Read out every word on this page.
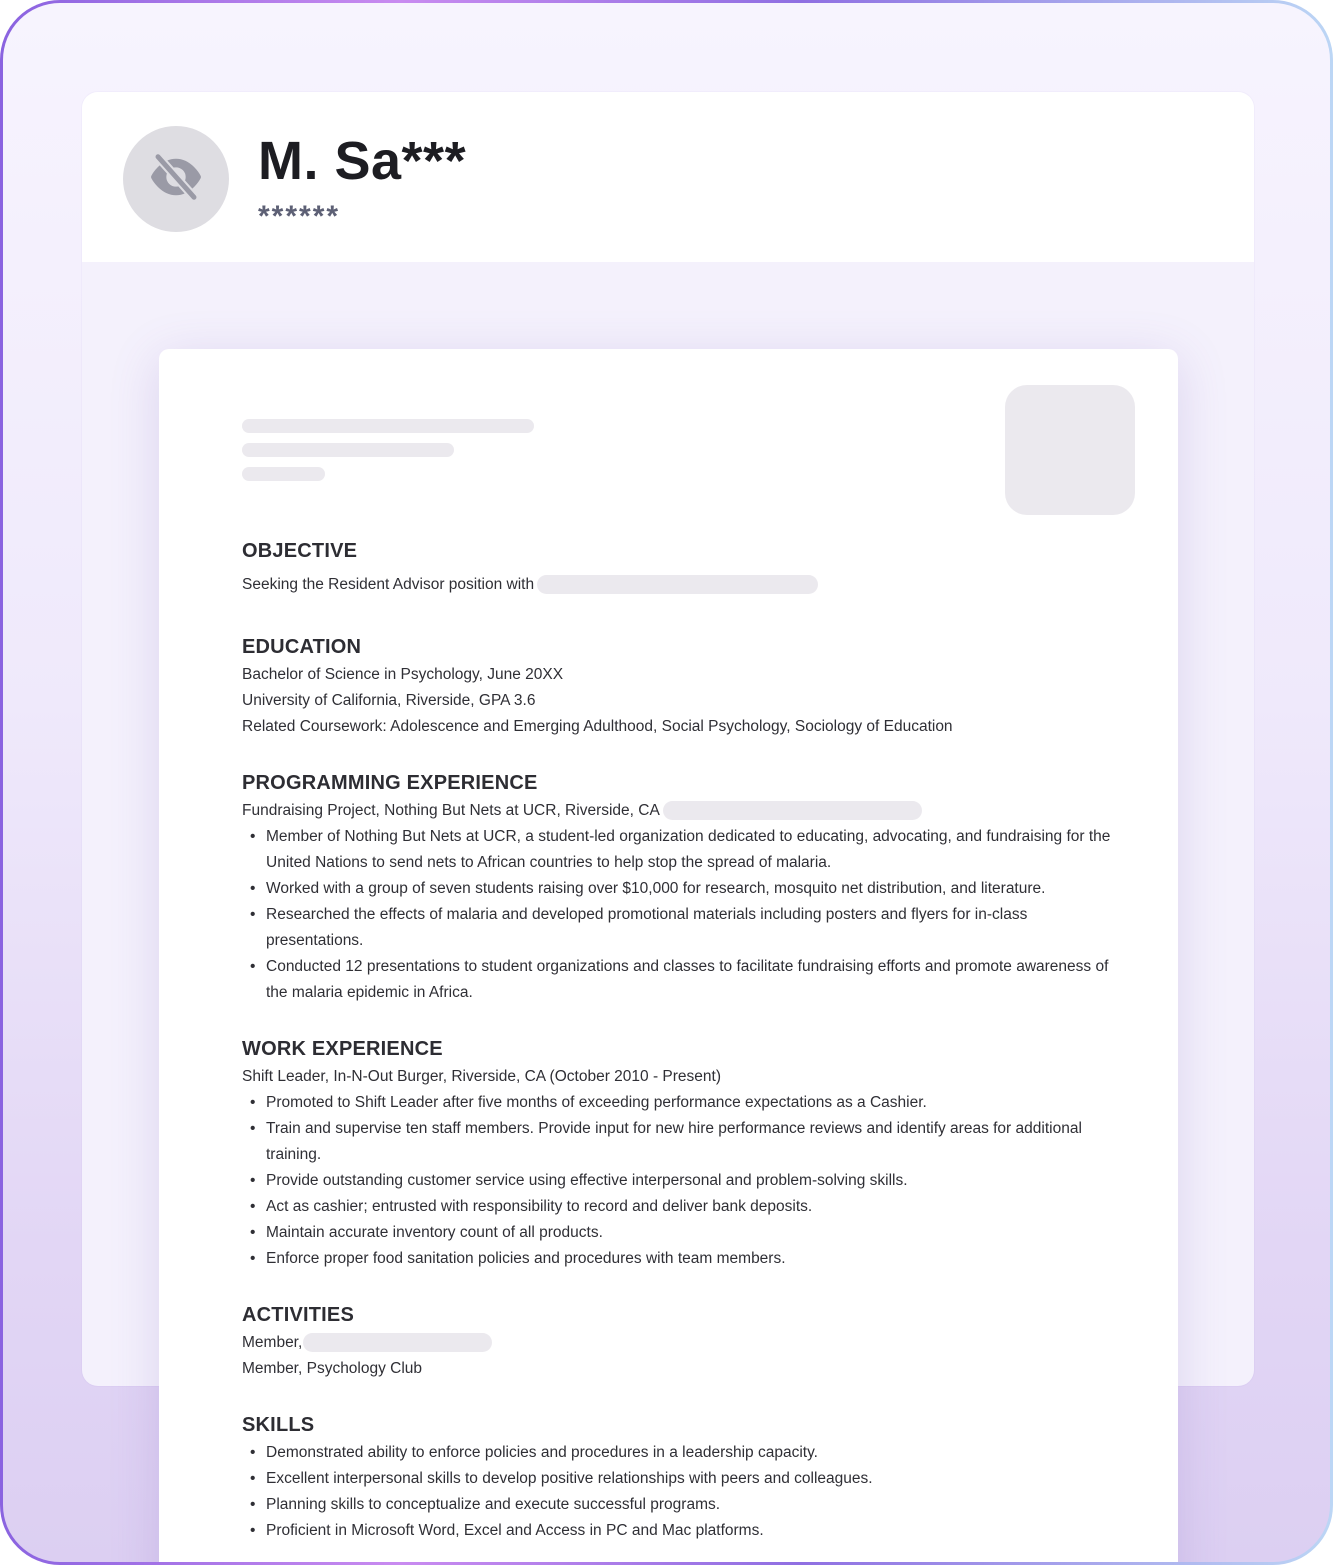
M. Sa***
******
OBJECTIVE
Seeking the Resident Advisor position with
EDUCATION
Bachelor of Science in Psychology, June 20XX
University of California, Riverside, GPA 3.6
Related Coursework: Adolescence and Emerging Adulthood, Social Psychology, Sociology of Education
PROGRAMMING EXPERIENCE
Fundraising Project, Nothing But Nets at UCR, Riverside, CA
• Member of Nothing But Nets at UCR, a student-led organization dedicated to educating, advocating, and fundraising for the United Nations to send nets to African countries to help stop the spread of malaria.
• Worked with a group of seven students raising over $10,000 for research, mosquito net distribution, and literature.
• Researched the effects of malaria and developed promotional materials including posters and flyers for in-class presentations.
• Conducted 12 presentations to student organizations and classes to facilitate fundraising efforts and promote awareness of the malaria epidemic in Africa.
WORK EXPERIENCE
Shift Leader, In-N-Out Burger, Riverside, CA (October 2010 - Present)
• Promoted to Shift Leader after five months of exceeding performance expectations as a Cashier.
• Train and supervise ten staff members. Provide input for new hire performance reviews and identify areas for additional training.
• Provide outstanding customer service using effective interpersonal and problem-solving skills.
• Act as cashier; entrusted with responsibility to record and deliver bank deposits.
• Maintain accurate inventory count of all products.
• Enforce proper food sanitation policies and procedures with team members.
ACTIVITIES
Member,
Member, Psychology Club
SKILLS
• Demonstrated ability to enforce policies and procedures in a leadership capacity.
• Excellent interpersonal skills to develop positive relationships with peers and colleagues.
• Planning skills to conceptualize and execute successful programs.
• Proficient in Microsoft Word, Excel and Access in PC and Mac platforms.
